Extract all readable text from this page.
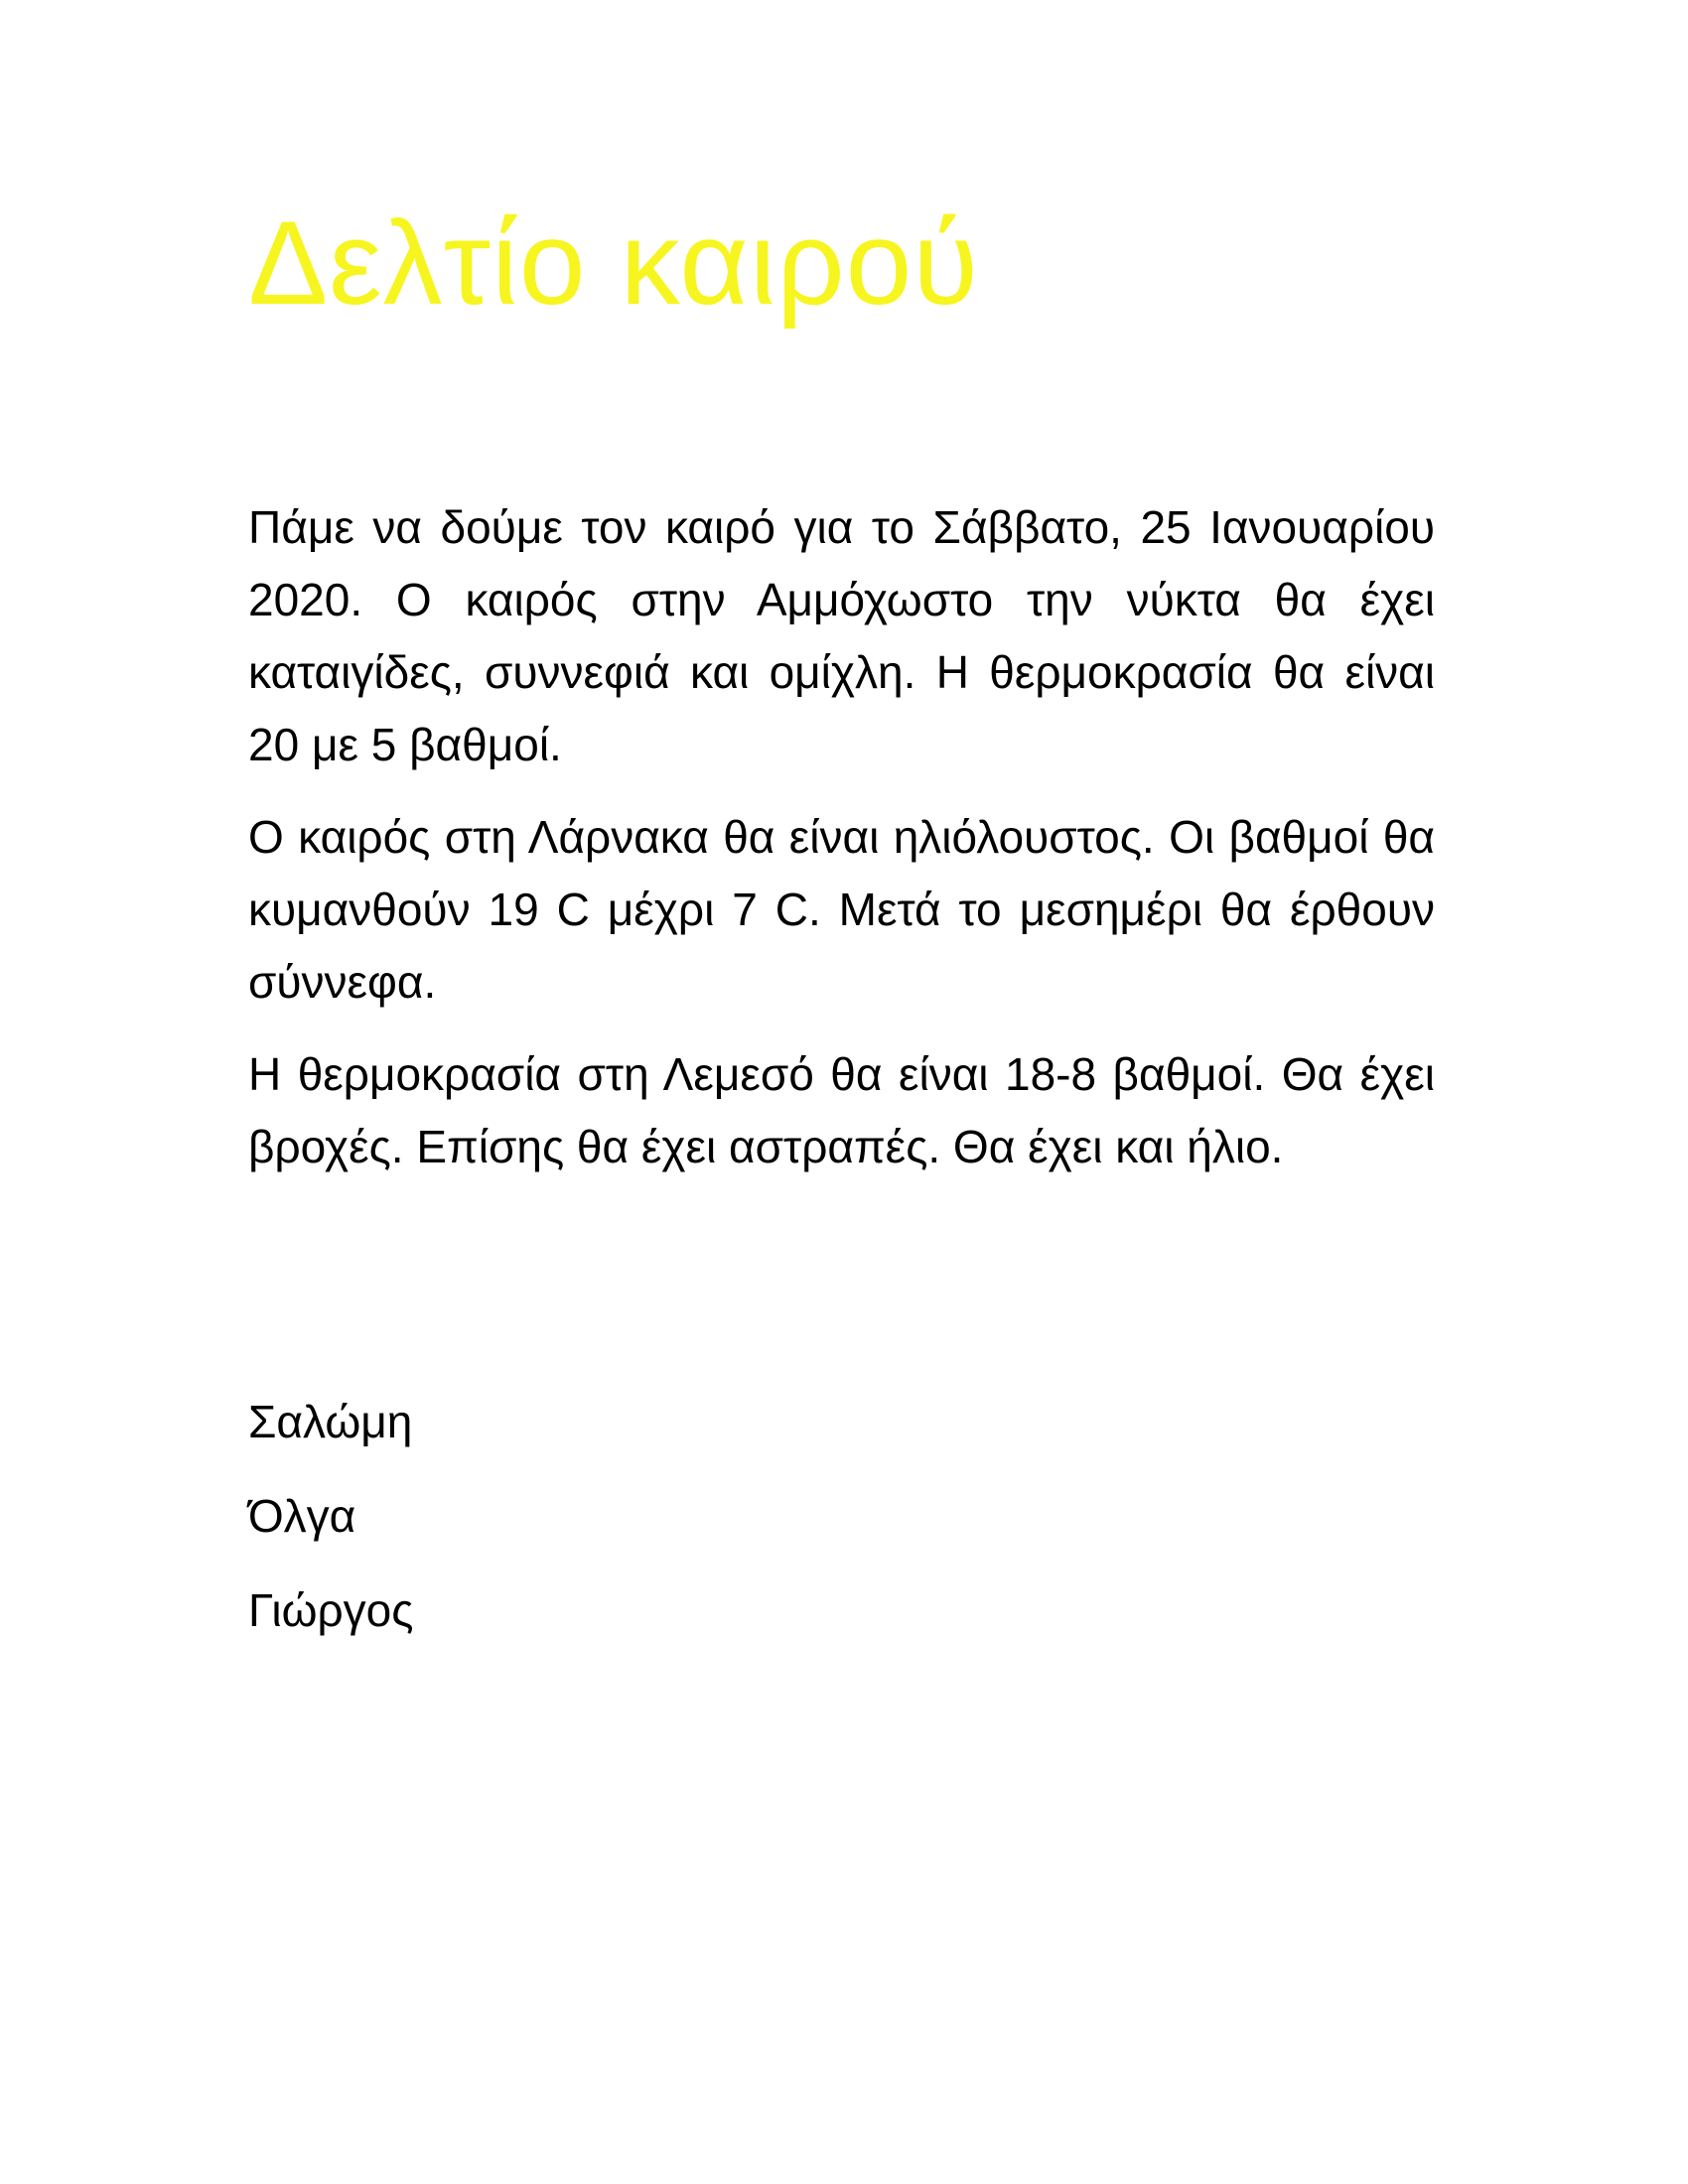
Δελτίο καιρού

Πάμε να δούμε τον καιρό για το Σάββατο, 25 Ιανουαρίου 2020. Ο καιρός στην Αμμόχωστο την νύκτα θα έχει καταιγίδες, συννεφιά και ομίχλη. Η θερμοκρασία θα είναι 20 με 5 βαθμοί.

Ο καιρός στη Λάρνακα θα είναι ηλιόλουστος. Οι βαθμοί θα κυμανθούν 19 C μέχρι 7 C. Μετά το μεσημέρι θα έρθουν σύννεφα.

Η θερμοκρασία στη Λεμεσό θα είναι 18-8 βαθμοί. Θα έχει βροχές. Επίσης θα έχει αστραπές. Θα έχει και ήλιο.

Σαλώμη

Όλγα

Γιώργος
